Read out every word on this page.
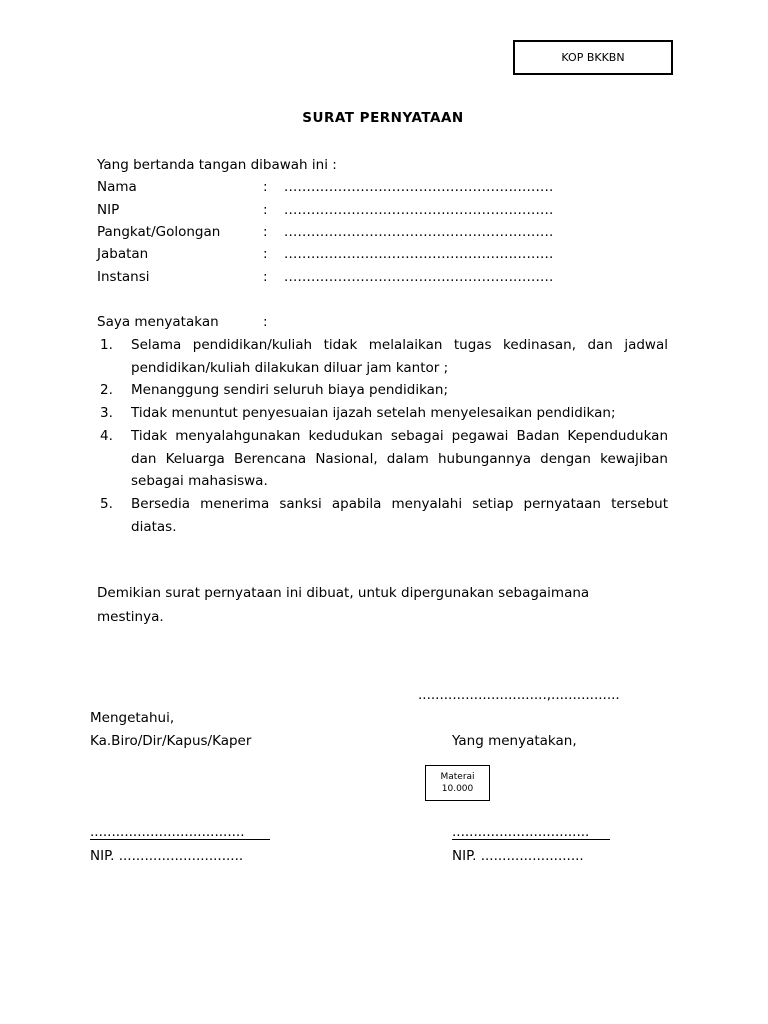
KOP BKKBN
SURAT PERNYATAAN
Yang bertanda tangan dibawah ini :
Nama	: ............................................................
NIP	: ............................................................
Pangkat/Golongan	: ............................................................
Jabatan	: ............................................................
Instansi	: ............................................................
Saya menyatakan	:
1. Selama pendidikan/kuliah tidak melalaikan tugas kedinasan, dan jadwal pendidikan/kuliah dilakukan diluar jam kantor ;
2. Menanggung sendiri seluruh biaya pendidikan;
3. Tidak menuntut penyesuaian ijazah setelah menyelesaikan pendidikan;
4. Tidak menyalahgunakan kedudukan sebagai pegawai Badan Kependudukan dan Keluarga Berencana Nasional, dalam hubungannya dengan kewajiban sebagai mahasiswa.
5. Bersedia menerima sanksi apabila menyalahi setiap pernyataan tersebut diatas.
Demikian surat pernyataan ini dibuat, untuk dipergunakan sebagaimana mestinya.
..............................,................
Mengetahui,
Ka.Biro/Dir/Kapus/Kaper	Yang menyatakan,
Materai
10.000
....................................	................................
NIP. .............................	NIP. ........................
